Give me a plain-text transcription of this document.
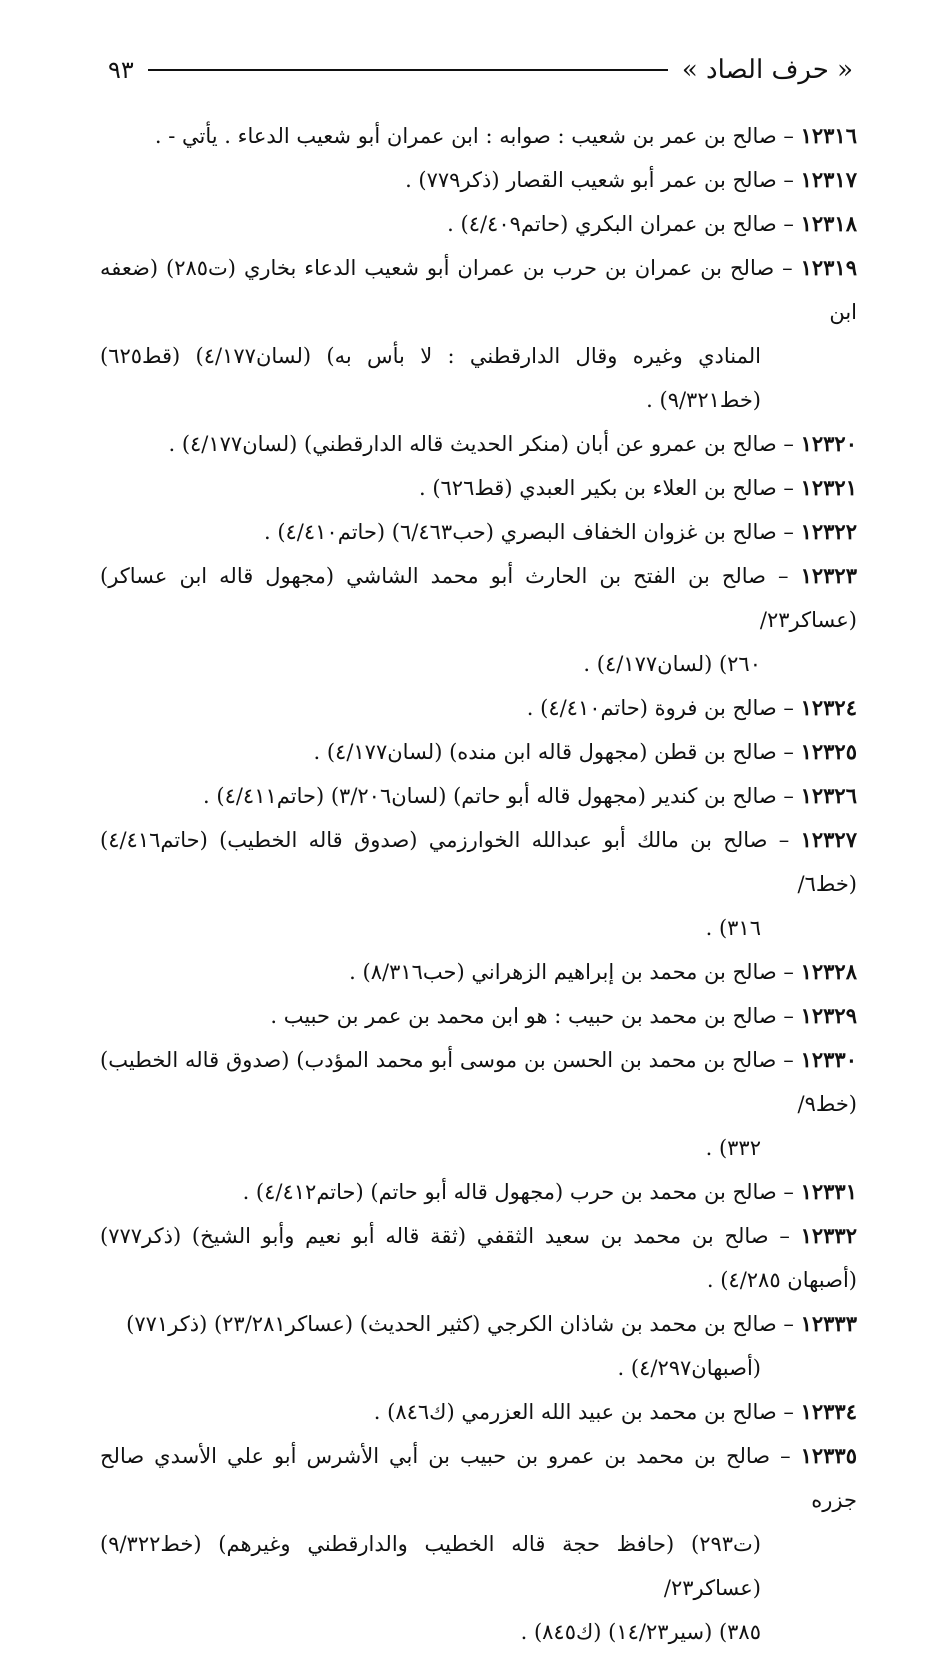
« حرف الصاد »
٩٣
١٢٣١٦ – صالح بن عمر بن شعيب : صوابه : ابن عمران أبو شعيب الدعاء . يأتي - .
١٢٣١٧ – صالح بن عمر أبو شعيب القصار (ذكر٧٧٩) .
١٢٣١٨ – صالح بن عمران البكري (حاتم٤/٤٠٩) .
١٢٣١٩ – صالح بن عمران بن حرب بن عمران أبو شعيب الدعاء بخاري (ت٢٨٥) (ضعفه ابن
المنادي وغيره وقال الدارقطني : لا بأس به) (لسان٤/١٧٧) (قط٦٢٥) (خط٩/٣٢١) .
١٢٣٢٠ – صالح بن عمرو عن أبان (منكر الحديث قاله الدارقطني) (لسان٤/١٧٧) .
١٢٣٢١ – صالح بن العلاء بن بكير العبدي (قط٦٢٦) .
١٢٣٢٢ – صالح بن غزوان الخفاف البصري (حب٦/٤٦٣) (حاتم٤/٤١٠) .
١٢٣٢٣ – صالح بن الفتح بن الحارث أبو محمد الشاشي (مجهول قاله ابن عساكر) (عساكر٢٣/
٢٦٠) (لسان٤/١٧٧) .
١٢٣٢٤ – صالح بن فروة (حاتم٤/٤١٠) .
١٢٣٢٥ – صالح بن قطن (مجهول قاله ابن منده) (لسان٤/١٧٧) .
١٢٣٢٦ – صالح بن كندير (مجهول قاله أبو حاتم) (لسان٣/٢٠٦) (حاتم٤/٤١١) .
١٢٣٢٧ – صالح بن مالك أبو عبدالله الخوارزمي (صدوق قاله الخطيب) (حاتم٤/٤١٦) (خط٦/
٣١٦) .
١٢٣٢٨ – صالح بن محمد بن إبراهيم الزهراني (حب٨/٣١٦) .
١٢٣٢٩ – صالح بن محمد بن حبيب : هو ابن محمد بن عمر بن حبيب .
١٢٣٣٠ – صالح بن محمد بن الحسن بن موسى أبو محمد المؤدب) (صدوق قاله الخطيب) (خط٩/
٣٣٢) .
١٢٣٣١ – صالح بن محمد بن حرب (مجهول قاله أبو حاتم) (حاتم٤/٤١٢) .
١٢٣٣٢ – صالح بن محمد بن سعيد الثقفي (ثقة قاله أبو نعيم وأبو الشيخ) (ذكر٧٧٧) (أصبهان ٤/٢٨٥) .
١٢٣٣٣ – صالح بن محمد بن شاذان الكرجي (كثير الحديث) (عساكر٢٣/٢٨١) (ذكر٧٧١)
(أصبهان٤/٢٩٧) .
١٢٣٣٤ – صالح بن محمد بن عبيد الله العزرمي (ك٨٤٦) .
١٢٣٣٥ – صالح بن محمد بن عمرو بن حبيب بن أبي الأشرس أبو علي الأسدي صالح جزره
(ت٢٩٣) (حافظ حجة قاله الخطيب والدارقطني وغيرهم) (خط٩/٣٢٢) (عساكر٢٣/
٣٨٥) (سير١٤/٢٣) (ك٨٤٥) .
